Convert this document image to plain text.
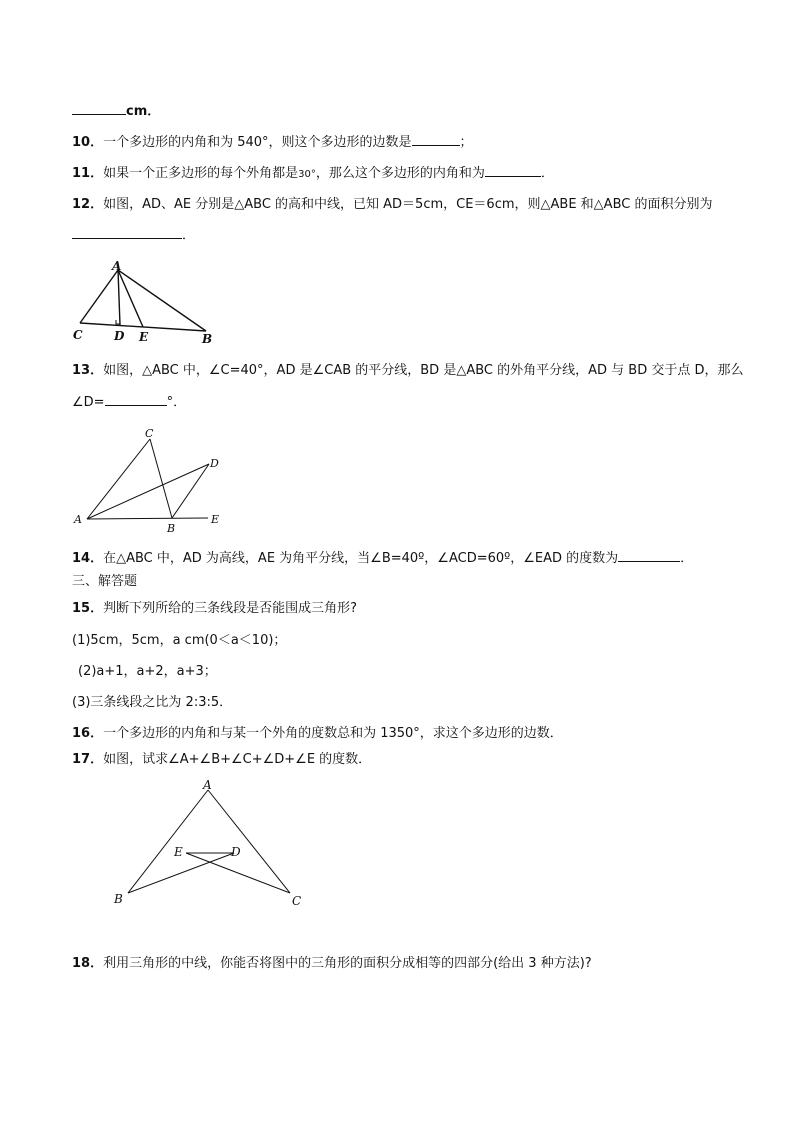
cm．
10．一个多边形的内角和为 540°，则这个多边形的边数是	；
11．如果一个正多边形的每个外角都是30°，那么这个多边形的内角和为	．
12．如图，AD、AE 分别是△ABC 的高和中线，已知 AD＝5cm，CE＝6cm，则△ABE 和△ABC 的面积分别为
．
A
C	D E	B
13．如图，△ABC 中，∠C=40°，AD 是∠CAB 的平分线，BD 是△ABC 的外角平分线，AD 与 BD 交于点 D，那么
∠D=	°．
C
D
A
B
E
14．在△ABC 中，AD 为高线，AE 为角平分线，当∠B=40º，∠ACD=60º，∠EAD 的度数为	．
三、解答题
15．判断下列所给的三条线段是否能围成三角形?
(1)5cm，5cm，a cm(0＜a＜10)；
(2)a+1，a+2，a+3；
(3)三条线段之比为 2:3:5．
16．一个多边形的内角和与某一个外角的度数总和为 1350°，求这个多边形的边数．
17．如图，试求∠A+∠B+∠C+∠D+∠E 的度数．
A
E	D
B	C
18．利用三角形的中线，你能否将图中的三角形的面积分成相等的四部分(给出 3 种方法)?
